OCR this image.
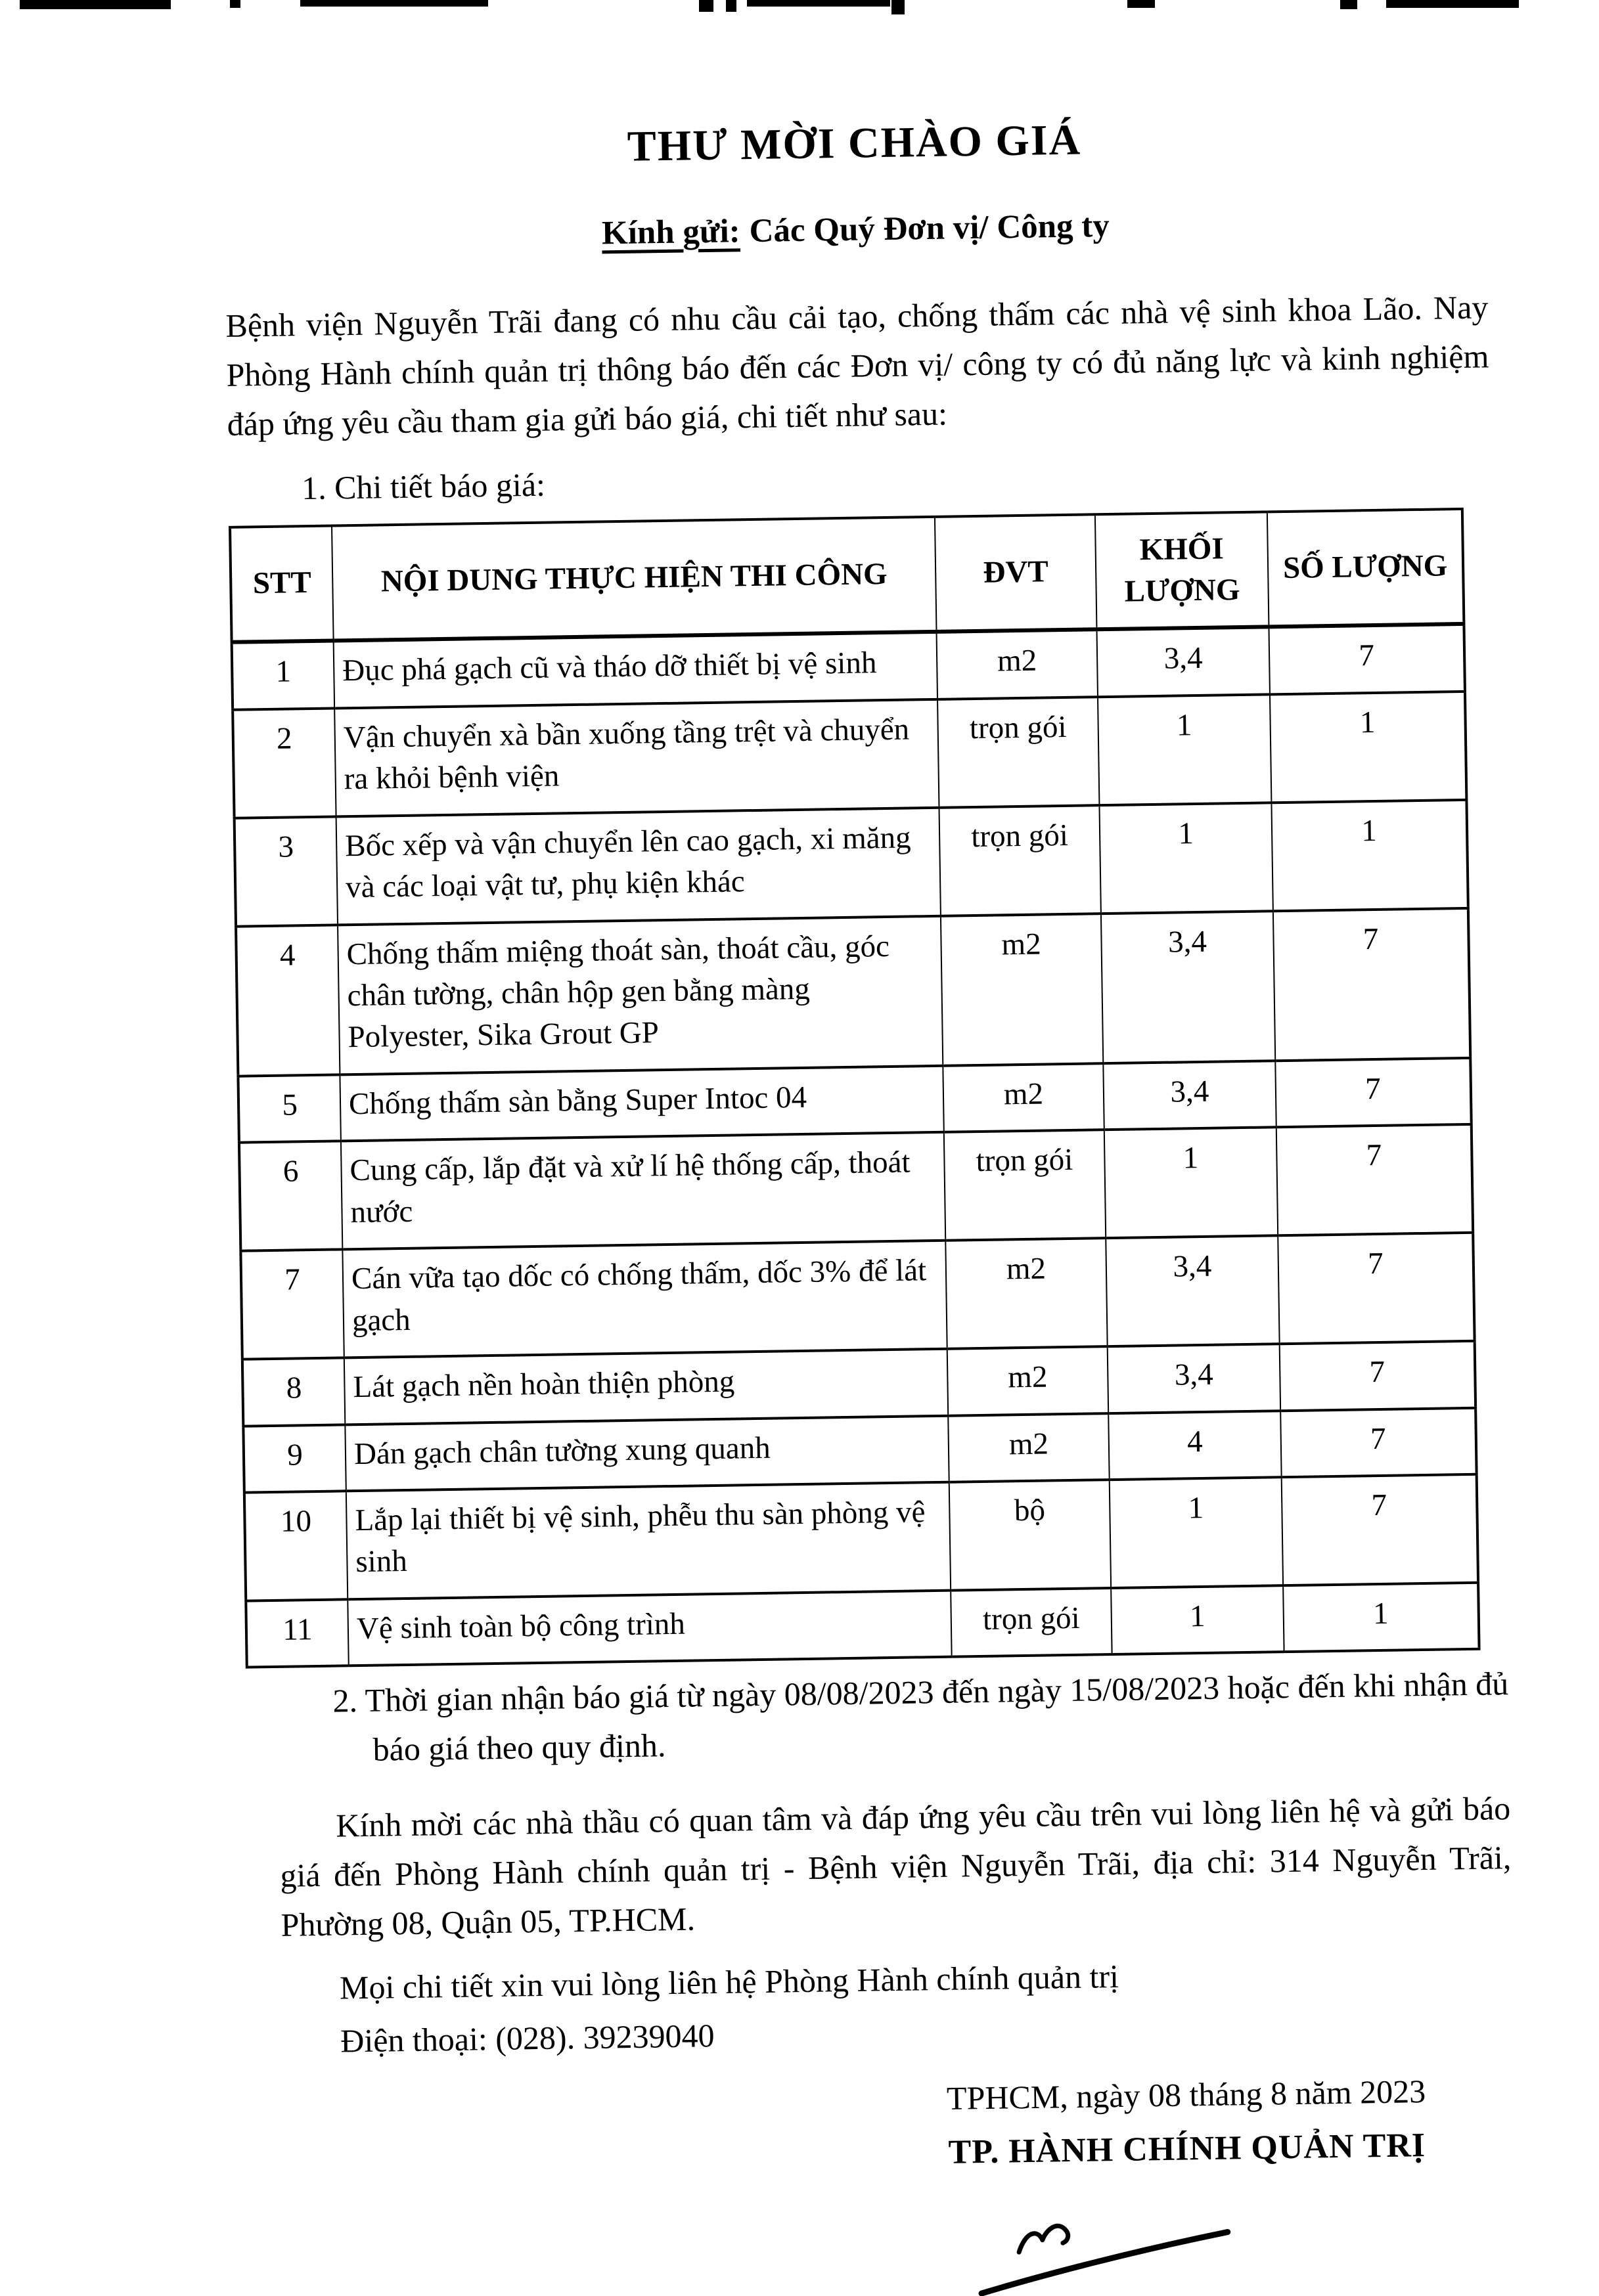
THƯ MỜI CHÀO GIÁ

Kính gửi: Các Quý Đơn vị/ Công ty

Bệnh viện Nguyễn Trãi đang có nhu cầu cải tạo, chống thấm các nhà vệ sinh khoa Lão. Nay Phòng Hành chính quản trị thông báo đến các Đơn vị/ công ty có đủ năng lực và kinh nghiệm đáp ứng yêu cầu tham gia gửi báo giá, chi tiết như sau:

1. Chi tiết báo giá:

STT	NỘI DUNG THỰC HIỆN THI CÔNG	ĐVT	KHỐI LƯỢNG	SỐ LƯỢNG
1	Đục phá gạch cũ và tháo dỡ thiết bị vệ sinh	m2	3,4	7
2	Vận chuyển xà bần xuống tầng trệt và chuyển ra khỏi bệnh viện	trọn gói	1	1
3	Bốc xếp và vận chuyển lên cao gạch, xi măng và các loại vật tư, phụ kiện khác	trọn gói	1	1
4	Chống thấm miệng thoát sàn, thoát cầu, góc chân tường, chân hộp gen bằng màng Polyester, Sika Grout GP	m2	3,4	7
5	Chống thấm sàn bằng Super Intoc 04	m2	3,4	7
6	Cung cấp, lắp đặt và xử lí hệ thống cấp, thoát nước	trọn gói	1	7
7	Cán vữa tạo dốc có chống thấm, dốc 3% để lát gạch	m2	3,4	7
8	Lát gạch nền hoàn thiện phòng	m2	3,4	7
9	Dán gạch chân tường xung quanh	m2	4	7
10	Lắp lại thiết bị vệ sinh, phễu thu sàn phòng vệ sinh	bộ	1	7
11	Vệ sinh toàn bộ công trình	trọn gói	1	1

2. Thời gian nhận báo giá từ ngày 08/08/2023 đến ngày 15/08/2023 hoặc đến khi nhận đủ báo giá theo quy định.

Kính mời các nhà thầu có quan tâm và đáp ứng yêu cầu trên vui lòng liên hệ và gửi báo giá đến Phòng Hành chính quản trị - Bệnh viện Nguyễn Trãi, địa chỉ: 314 Nguyễn Trãi, Phường 08, Quận 05, TP.HCM.

Mọi chi tiết xin vui lòng liên hệ Phòng Hành chính quản trị

Điện thoại: (028). 39239040

TPHCM, ngày 08 tháng 8 năm 2023

TP. HÀNH CHÍNH QUẢN TRỊ
